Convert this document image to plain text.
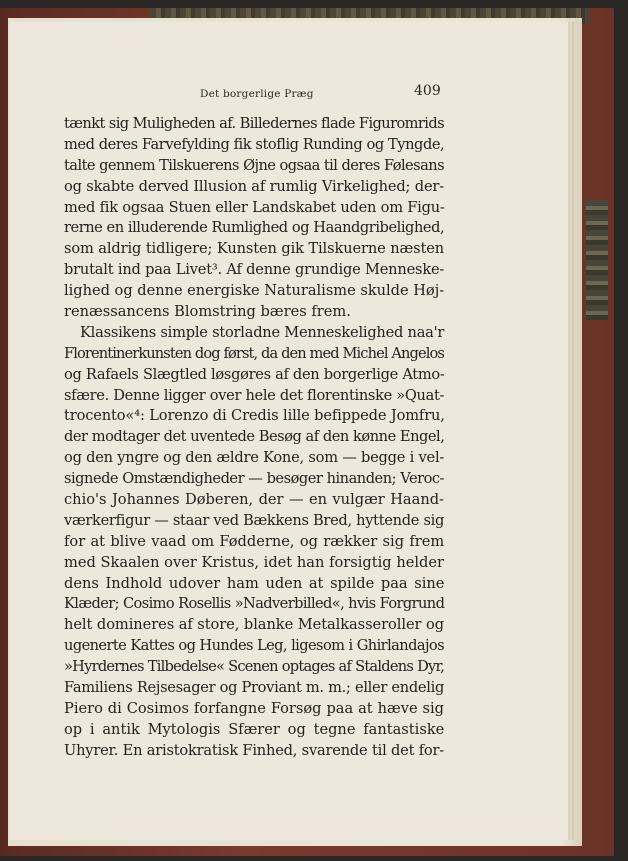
Det borgerlige Præg	409
tænkt sig Muligheden af. Billedernes flade Figuromrids
med deres Farvefylding fik stoflig Runding og Tyngde,
talte gennem Tilskuerens Øjne ogsaa til deres Følesans
og skabte derved Illusion af rumlig Virkelighed; der-
med fik ogsaa Stuen eller Landskabet uden om Figu-
rerne en illuderende Rumlighed og Haandgribelighed,
som aldrig tidligere; Kunsten gik Tilskuerne næsten
brutalt ind paa Livet³. Af denne grundige Menneske-
lighed og denne energiske Naturalisme skulde Høj-
renæssancens Blomstring bæres frem.
Klassikens simple storladne Menneskelighed naa'r
Florentinerkunsten dog først, da den med Michel Angelos
og Rafaels Slægtled løsgøres af den borgerlige Atmo-
sfære. Denne ligger over hele det florentinske »Quat-
trocento«⁴: Lorenzo di Credis lille befippede Jomfru,
der modtager det uventede Besøg af den kønne Engel,
og den yngre og den ældre Kone, som — begge i vel-
signede Omstændigheder — besøger hinanden; Veroc-
chio's Johannes Døberen, der — en vulgær Haand-
værkerfigur — staar ved Bækkens Bred, hyttende sig
for at blive vaad om Fødderne, og rækker sig frem
med Skaalen over Kristus, idet han forsigtig helder
dens Indhold udover ham uden at spilde paa sine
Klæder; Cosimo Rosellis »Nadverbilled«, hvis Forgrund
helt domineres af store, blanke Metalkasseroller og
ugenerte Kattes og Hundes Leg, ligesom i Ghirlandajos
»Hyrdernes Tilbedelse« Scenen optages af Staldens Dyr,
Familiens Rejsesager og Proviant m. m.; eller endelig
Piero di Cosimos forfangne Forsøg paa at hæve sig
op i antik Mytologis Sfærer og tegne fantastiske
Uhyrer. En aristokratisk Finhed, svarende til det for-
